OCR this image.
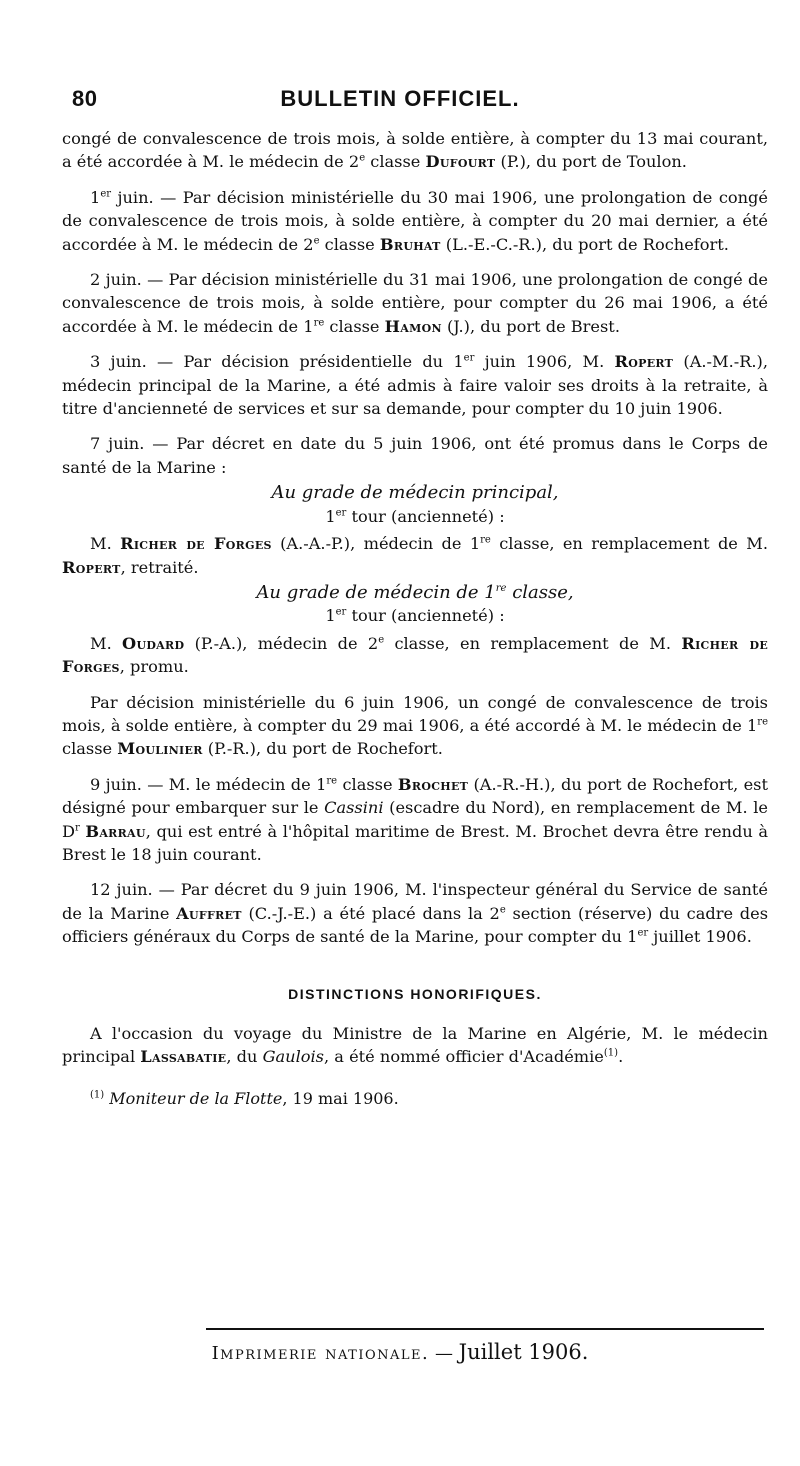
80	BULLETIN OFFICIEL.

congé de convalescence de trois mois, à solde entière, à compter du 13 mai courant, a été accordée à M. le médecin de 2e classe Dufourt (P.), du port de Toulon.

1er juin. — Par décision ministérielle du 30 mai 1906, une prolongation de congé de convalescence de trois mois, à solde entière, à compter du 20 mai dernier, a été accordée à M. le médecin de 2e classe Bruhat (L.-E.-C.-R.), du port de Rochefort.

2 juin. — Par décision ministérielle du 31 mai 1906, une prolongation de congé de convalescence de trois mois, à solde entière, pour compter du 26 mai 1906, a été accordée à M. le médecin de 1re classe Hamon (J.), du port de Brest.

3 juin. — Par décision présidentielle du 1er juin 1906, M. Ropert (A.-M.-R.), médecin principal de la Marine, a été admis à faire valoir ses droits à la retraite, à titre d'ancienneté de services et sur sa demande, pour compter du 10 juin 1906.

7 juin. — Par décret en date du 5 juin 1906, ont été promus dans le Corps de santé de la Marine :

Au grade de médecin principal,

1er tour (ancienneté) :

M. Richer de Forges (A.-A.-P.), médecin de 1re classe, en remplacement de M. Ropert, retraité.

Au grade de médecin de 1re classe,

1er tour (ancienneté) :

M. Oudard (P.-A.), médecin de 2e classe, en remplacement de M. Richer de Forges, promu.

Par décision ministérielle du 6 juin 1906, un congé de convalescence de trois mois, à solde entière, à compter du 29 mai 1906, a été accordé à M. le médecin de 1re classe Moulinier (P.-R.), du port de Rochefort.

9 juin. — M. le médecin de 1re classe Brochet (A.-R.-H.), du port de Rochefort, est désigné pour embarquer sur le Cassini (escadre du Nord), en remplacement de M. le $D^r$ Barrau, qui est entré à l'hôpital maritime de Brest. M. Brochet devra être rendu à Brest le 18 juin courant.

12 juin. — Par décret du 9 juin 1906, M. l'inspecteur général du Service de santé de la Marine Auffret (C.-J.-E.) a été placé dans la 2e section (réserve) du cadre des officiers généraux du Corps de santé de la Marine, pour compter du 1er juillet 1906.

DISTINCTIONS HONORIFIQUES.

A l'occasion du voyage du Ministre de la Marine en Algérie, M. le médecin principal Lassabatie, du Gaulois, a été nommé officier d'Académie$^{(1)}$.

$^{(1)}$ Moniteur de la Flotte, 19 mai 1906.

Imprimerie nationale. — Juillet 1906.
